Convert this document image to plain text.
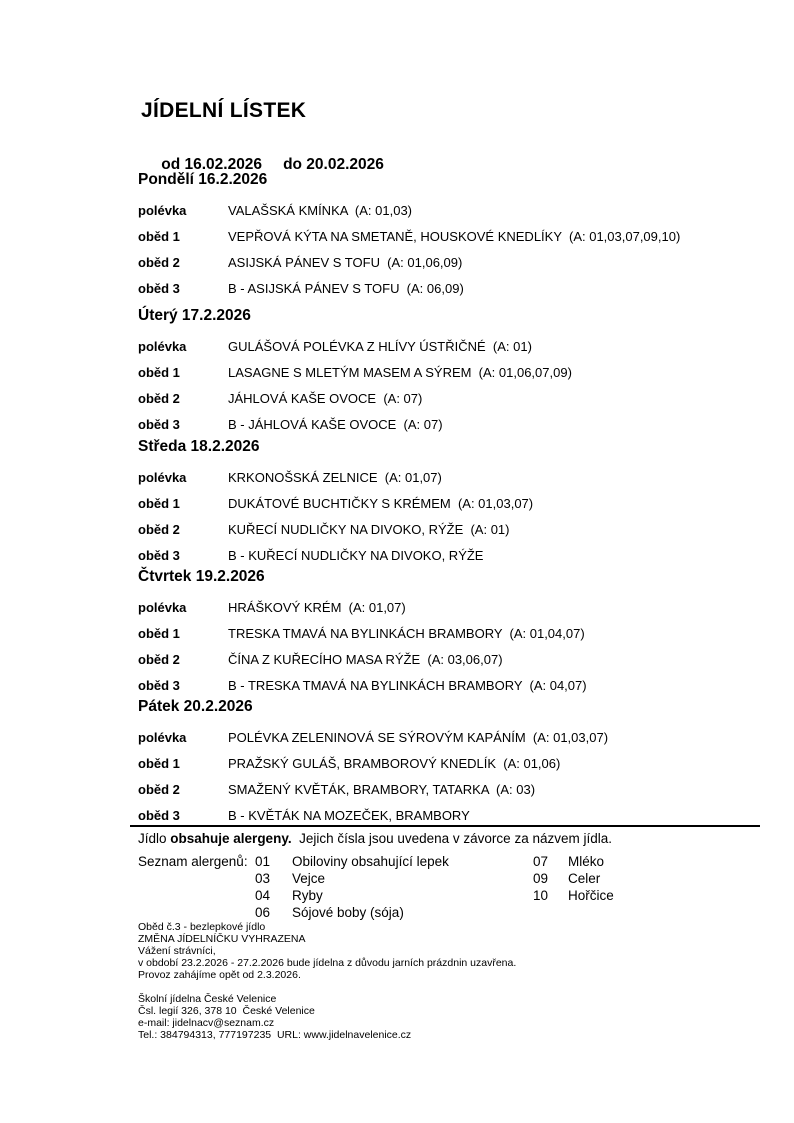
JÍDELNÍ LÍSTEK

od 16.02.2026 do 20.02.2026

Pondělí 16.2.2026
polévka	VALAŠSKÁ KMÍNKA  (A: 01,03)
oběd 1	VEPŘOVÁ KÝTA NA SMETANĚ, HOUSKOVÉ KNEDLÍKY  (A: 01,03,07,09,10)
oběd 2	ASIJSKÁ PÁNEV S TOFU  (A: 01,06,09)
oběd 3	B - ASIJSKÁ PÁNEV S TOFU  (A: 06,09)
Úterý 17.2.2026
polévka	GULÁŠOVÁ POLÉVKA Z HLÍVY ÚSTŘIČNÉ  (A: 01)
oběd 1	LASAGNE S MLETÝM MASEM A SÝREM  (A: 01,06,07,09)
oběd 2	JÁHLOVÁ KAŠE OVOCE  (A: 07)
oběd 3	B - JÁHLOVÁ KAŠE OVOCE  (A: 07)
Středa 18.2.2026
polévka	KRKONOŠSKÁ ZELNICE  (A: 01,07)
oběd 1	DUKÁTOVÉ BUCHTIČKY S KRÉMEM  (A: 01,03,07)
oběd 2	KUŘECÍ NUDLIČKY NA DIVOKO, RÝŽE  (A: 01)
oběd 3	B - KUŘECÍ NUDLIČKY NA DIVOKO, RÝŽE
Čtvrtek 19.2.2026
polévka	HRÁŠKOVÝ KRÉM  (A: 01,07)
oběd 1	TRESKA TMAVÁ NA BYLINKÁCH BRAMBORY  (A: 01,04,07)
oběd 2	ČÍNA Z KUŘECÍHO MASA RÝŽE  (A: 03,06,07)
oběd 3	B - TRESKA TMAVÁ NA BYLINKÁCH BRAMBORY  (A: 04,07)
Pátek 20.2.2026
polévka	POLÉVKA ZELENINOVÁ SE SÝROVÝM KAPÁNÍM  (A: 01,03,07)
oběd 1	PRAŽSKÝ GULÁŠ, BRAMBOROVÝ KNEDLÍK  (A: 01,06)
oběd 2	SMAŽENÝ KVĚTÁK, BRAMBORY, TATARKA  (A: 03)
oběd 3	B - KVĚTÁK NA MOZEČEK, BRAMBORY

Jídlo obsahuje alergeny.  Jejich čísla jsou uvedena v závorce za názvem jídla.

Seznam alergenů: 01	Obiloviny obsahující lepek
03	Vejce
04	Ryby
06	Sójové boby (sója)
07	Mléko
09	Celer
10	Hořčice
Oběd č.3 - bezlepkové jídlo
ZMĚNA JÍDELNÍČKU VYHRAZENA
Vážení strávníci,
v období 23.2.2026 - 27.2.2026 bude jídelna z důvodu jarních prázdnin uzavřena.
Provoz zahájíme opět od 2.3.2026.
Školní jídelna České Velenice
Čsl. legií 326, 378 10  České Velenice
e-mail: jidelnacv@seznam.cz
Tel.: 384794313, 777197235  URL: www.jidelnavelenice.cz
